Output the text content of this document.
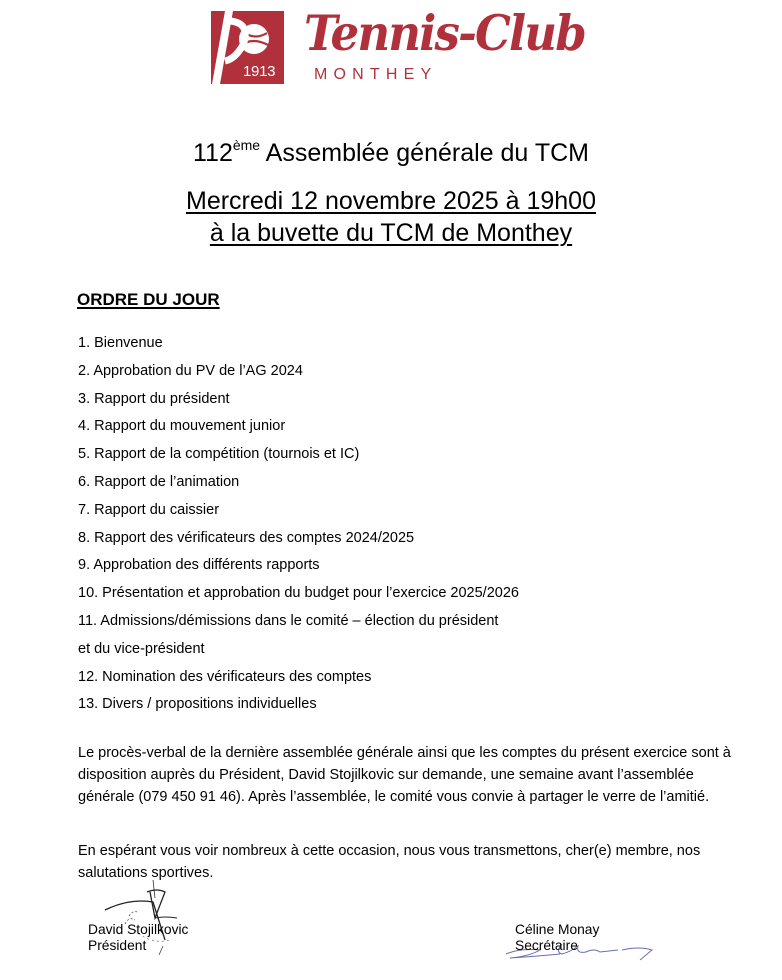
1913
Tennis-Club
MONTHEY
112ème Assemblée générale du TCM
Mercredi 12 novembre 2025 à 19h00
à la buvette du TCM de Monthey
ORDRE DU JOUR
1. Bienvenue
2. Approbation du PV de l’AG 2024
3. Rapport du président
4. Rapport du mouvement junior
5. Rapport de la compétition (tournois et IC)
6. Rapport de l’animation
7. Rapport du caissier
8. Rapport des vérificateurs des comptes 2024/2025
9. Approbation des différents rapports
10. Présentation et approbation du budget pour l’exercice 2025/2026
11. Admissions/démissions dans le comité – élection du président
et du vice-président
12. Nomination des vérificateurs des comptes
13. Divers / propositions individuelles

Le procès-verbal de la dernière assemblée générale ainsi que les comptes du présent exercice sont à disposition auprès du Président, David Stojilkovic sur demande, une semaine avant l’assemblée générale (079 450 91 46). Après l’assemblée, le comité vous convie à partager le verre de l’amitié.

En espérant vous voir nombreux à cette occasion, nous vous transmettons, cher(e) membre, nos salutations sportives.

David Stojilkovic
Président
Céline Monay
Secrétaire
